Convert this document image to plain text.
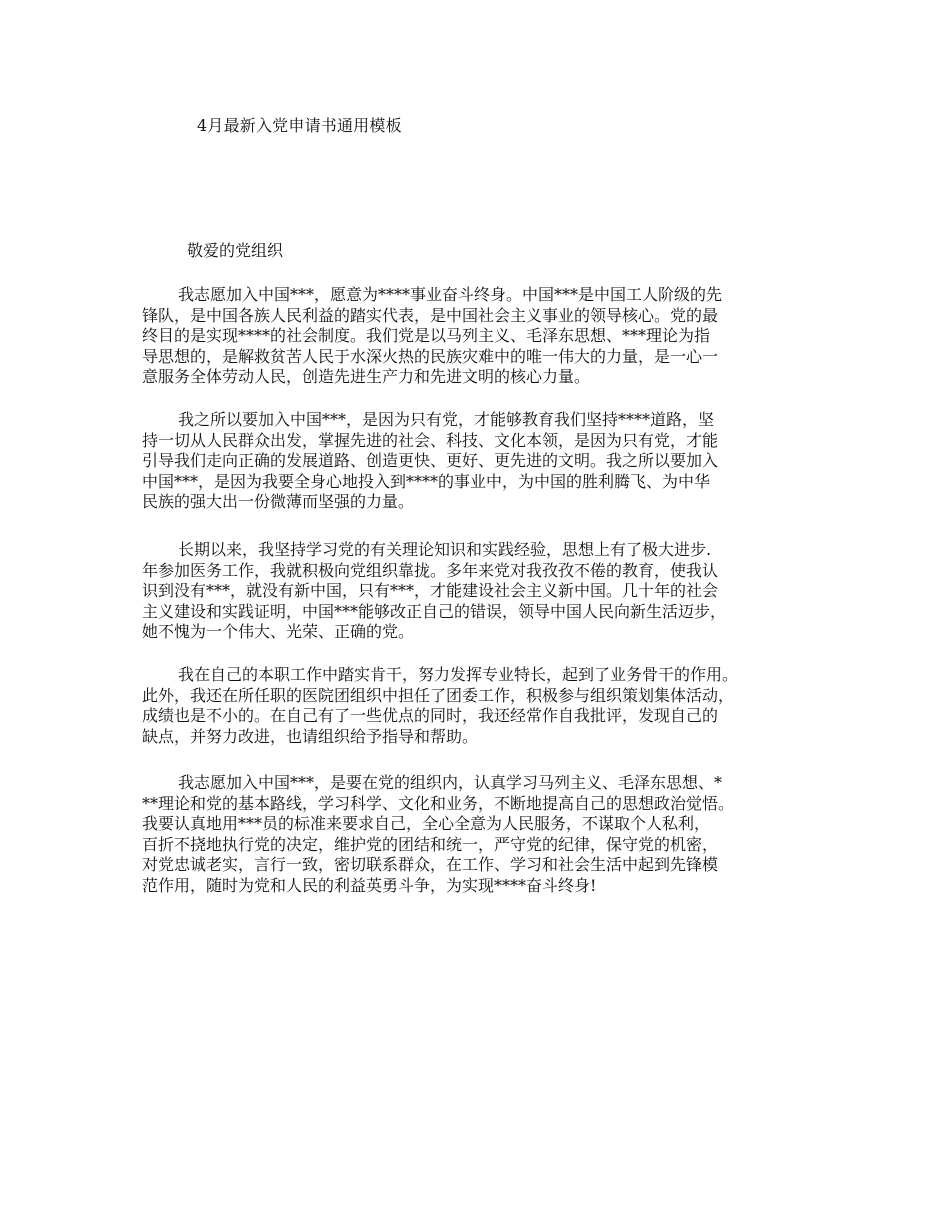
4月最新入党申请书通用模板
敬爱的党组织
我志愿加入中国***，愿意为****事业奋斗终身。中国***是中国工人阶级的先
锋队，是中国各族人民利益的踏实代表，是中国社会主义事业的领导核心。党的最
终目的是实现****的社会制度。我们党是以马列主义、毛泽东思想、***理论为指
导思想的，是解救贫苦人民于水深火热的民族灾难中的唯一伟大的力量，是一心一
意服务全体劳动人民，创造先进生产力和先进文明的核心力量。
我之所以要加入中国***，是因为只有党，才能够教育我们坚持****道路，坚
持一切从人民群众出发，掌握先进的社会、科技、文化本领，是因为只有党，才能
引导我们走向正确的发展道路、创造更快、更好、更先进的文明。我之所以要加入
中国***，是因为我要全身心地投入到****的事业中，为中国的胜利腾飞、为中华
民族的强大出一份微薄而坚强的力量。
长期以来，我坚持学习党的有关理论知识和实践经验，思想上有了极大进步.
年参加医务工作，我就积极向党组织靠拢。多年来党对我孜孜不倦的教育，使我认
识到没有***，就没有新中国，只有***，才能建设社会主义新中国。几十年的社会
主义建设和实践证明，中国***能够改正自己的错误，领导中国人民向新生活迈步，
她不愧为一个伟大、光荣、正确的党。
我在自己的本职工作中踏实肯干，努力发挥专业特长，起到了业务骨干的作用。
此外，我还在所任职的医院团组织中担任了团委工作，积极参与组织策划集体活动，
成绩也是不小的。在自己有了一些优点的同时，我还经常作自我批评，发现自己的
缺点，并努力改进，也请组织给予指导和帮助。
我志愿加入中国***，是要在党的组织内，认真学习马列主义、毛泽东思想、*
**理论和党的基本路线，学习科学、文化和业务，不断地提高自己的思想政治觉悟。
我要认真地用***员的标准来要求自己，全心全意为人民服务，不谋取个人私利，
百折不挠地执行党的决定，维护党的团结和统一，严守党的纪律，保守党的机密，
对党忠诚老实，言行一致，密切联系群众，在工作、学习和社会生活中起到先锋模
范作用，随时为党和人民的利益英勇斗争，为实现****奋斗终身!
